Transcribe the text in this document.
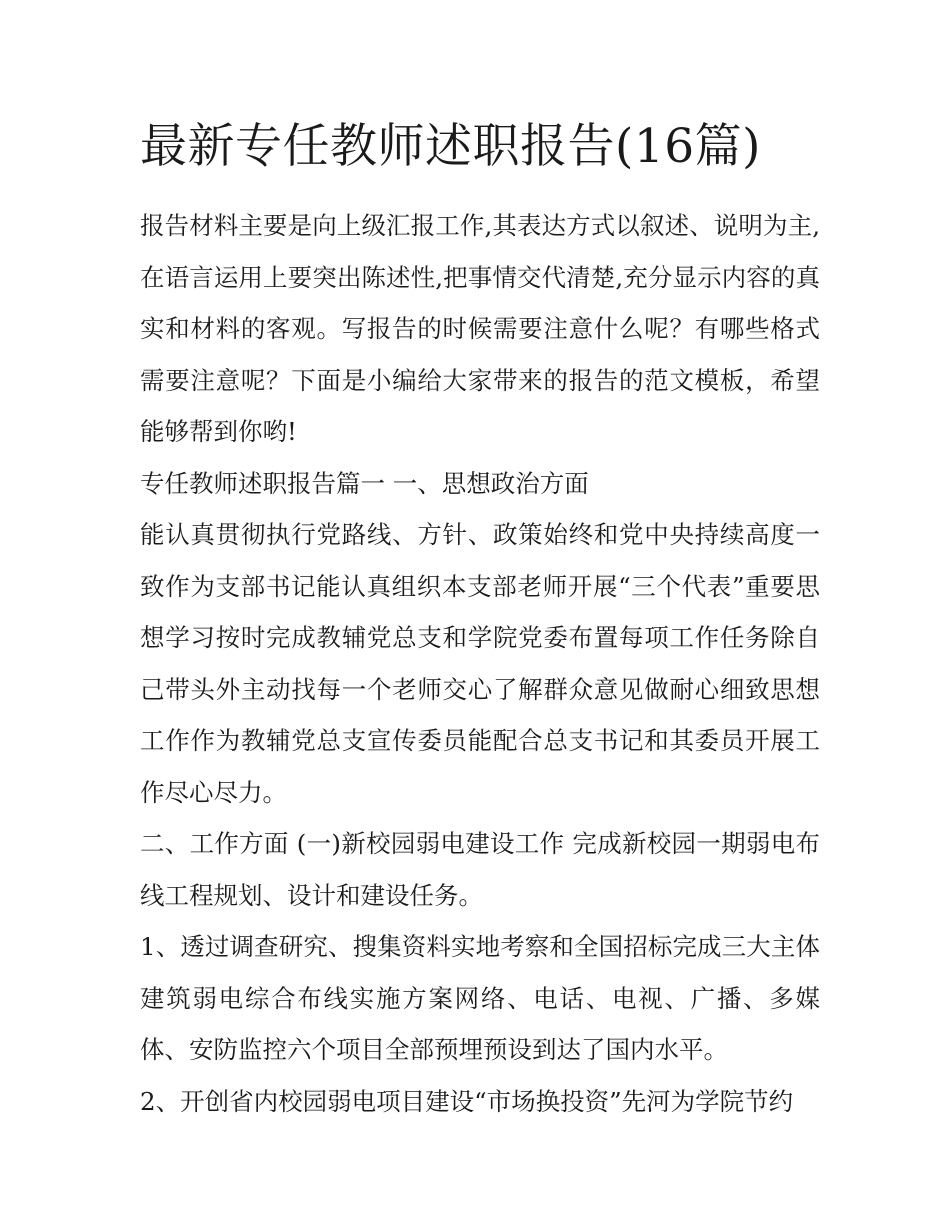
最新专任教师述职报告(16篇)

报告材料主要是向上级汇报工作,其表达方式以叙述、说明为主,在语言运用上要突出陈述性,把事情交代清楚,充分显示内容的真实和材料的客观。写报告的时候需要注意什么呢？有哪些格式需要注意呢？下面是小编给大家带来的报告的范文模板，希望能够帮到你哟!

专任教师述职报告篇一 一、思想政治方面

能认真贯彻执行党路线、方针、政策始终和党中央持续高度一致作为支部书记能认真组织本支部老师开展“三个代表”重要思想学习按时完成教辅党总支和学院党委布置每项工作任务除自己带头外主动找每一个老师交心了解群众意见做耐心细致思想工作作为教辅党总支宣传委员能配合总支书记和其委员开展工作尽心尽力。

二、工作方面 (一)新校园弱电建设工作 完成新校园一期弱电布线工程规划、设计和建设任务。

1、透过调查研究、搜集资料实地考察和全国招标完成三大主体建筑弱电综合布线实施方案网络、电话、电视、广播、多媒体、安防监控六个项目全部预埋预设到达了国内水平。

2、开创省内校园弱电项目建设“市场换投资”先河为学院节约
